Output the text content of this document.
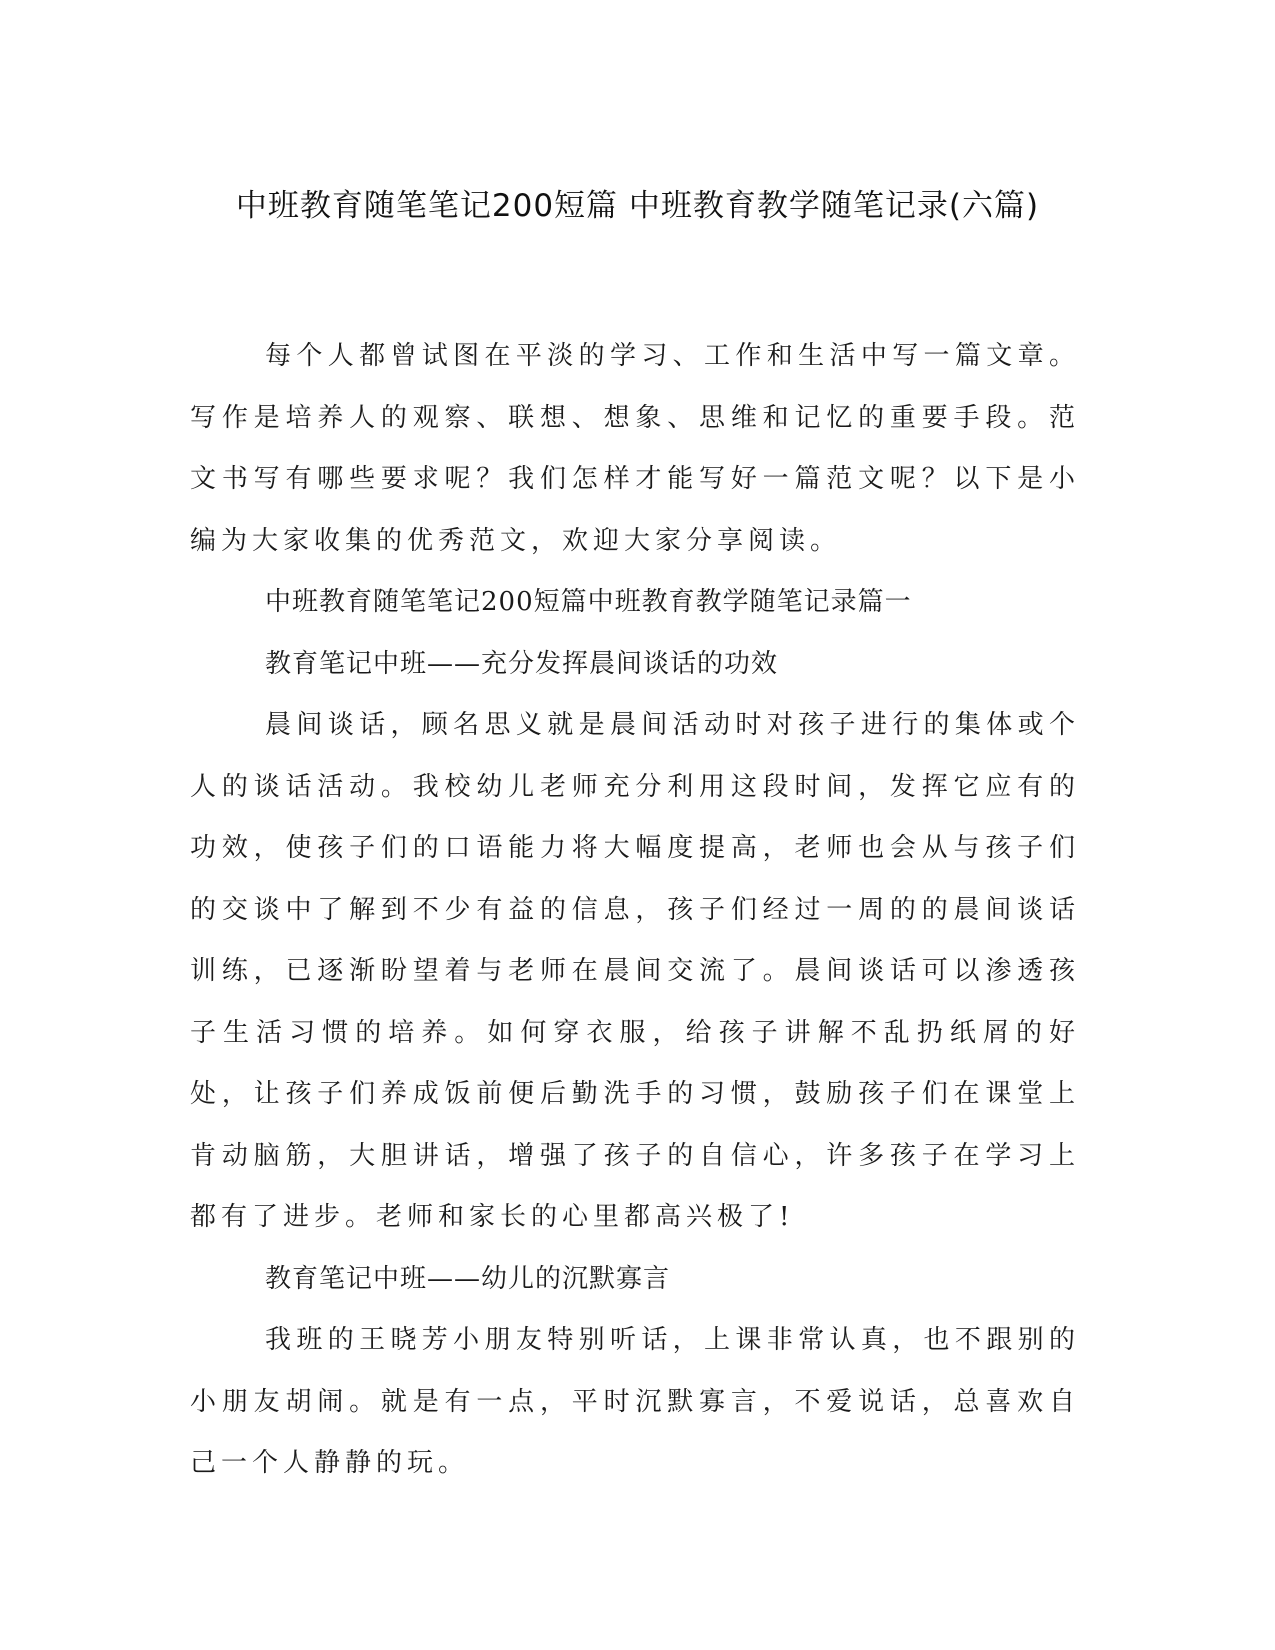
中班教育随笔笔记200短篇 中班教育教学随笔记录(六篇)

每个人都曾试图在平淡的学习、工作和生活中写一篇文章。写作是培养人的观察、联想、想象、思维和记忆的重要手段。范文书写有哪些要求呢？我们怎样才能写好一篇范文呢？以下是小编为大家收集的优秀范文，欢迎大家分享阅读。

中班教育随笔笔记200短篇中班教育教学随笔记录篇一

教育笔记中班——充分发挥晨间谈话的功效

晨间谈话，顾名思义就是晨间活动时对孩子进行的集体或个人的谈话活动。我校幼儿老师充分利用这段时间，发挥它应有的功效，使孩子们的口语能力将大幅度提高，老师也会从与孩子们的交谈中了解到不少有益的信息，孩子们经过一周的的晨间谈话训练，已逐渐盼望着与老师在晨间交流了。晨间谈话可以渗透孩子生活习惯的培养。如何穿衣服，给孩子讲解不乱扔纸屑的好处，让孩子们养成饭前便后勤洗手的习惯，鼓励孩子们在课堂上肯动脑筋，大胆讲话，增强了孩子的自信心，许多孩子在学习上都有了进步。老师和家长的心里都高兴极了!

教育笔记中班——幼儿的沉默寡言

我班的王晓芳小朋友特别听话，上课非常认真，也不跟别的小朋友胡闹。就是有一点，平时沉默寡言，不爱说话，总喜欢自己一个人静静的玩。
